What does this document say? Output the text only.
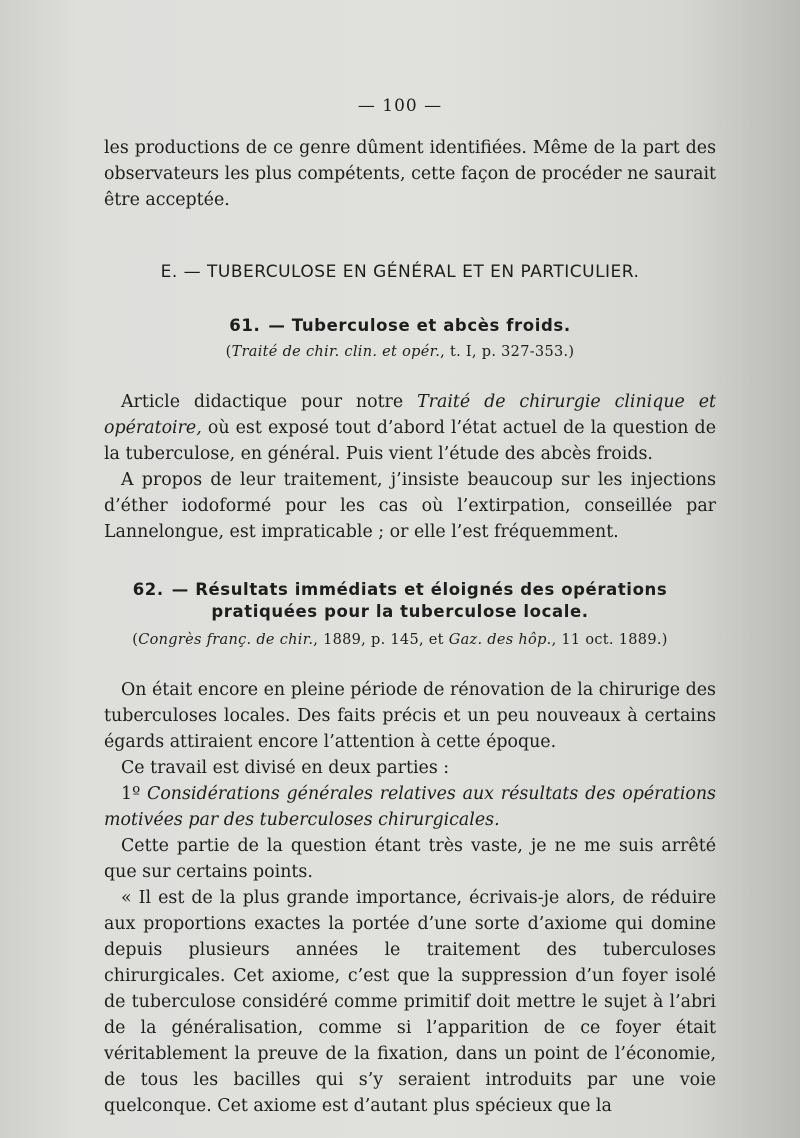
— 100 —

les productions de ce genre dûment identifiées. Même de la part des observateurs les plus compétents, cette façon de procéder ne saurait être acceptée.

E. — TUBERCULOSE EN GÉNÉRAL ET EN PARTICULIER.
61. — Tuberculose et abcès froids.
(Traité de chir. clin. et opér., t. I, p. 327-353.)

Article didactique pour notre Traité de chirurgie clinique et opératoire, où est exposé tout d’abord l’état actuel de la question de la tuberculose, en général. Puis vient l’étude des abcès froids.

A propos de leur traitement, j’insiste beaucoup sur les injections d’éther iodoformé pour les cas où l’extirpation, conseillée par Lannelongue, est impraticable ; or elle l’est fréquemment.

62. — Résultats immédiats et éloignés des opérations
pratiquées pour la tuberculose locale.
(Congrès franç. de chir., 1889, p. 145, et Gaz. des hôp., 11 oct. 1889.)

On était encore en pleine période de rénovation de la chirurige des tuberculoses locales. Des faits précis et un peu nouveaux à certains égards attiraient encore l’attention à cette époque.

Ce travail est divisé en deux parties :

1º Considérations générales relatives aux résultats des opérations motivées par des tuberculoses chirurgicales.

Cette partie de la question étant très vaste, je ne me suis arrêté que sur certains points.

« Il est de la plus grande importance, écrivais-je alors, de réduire aux proportions exactes la portée d’une sorte d’axiome qui domine depuis plusieurs années le traitement des tuberculoses chirurgicales. Cet axiome, c’est que la suppression d’un foyer isolé de tuberculose considéré comme primitif doit mettre le sujet à l’abri de la généralisation, comme si l’apparition de ce foyer était véritablement la preuve de la fixation, dans un point de l’économie, de tous les bacilles qui s’y seraient introduits par une voie quelconque. Cet axiome est d’autant plus spécieux que la
